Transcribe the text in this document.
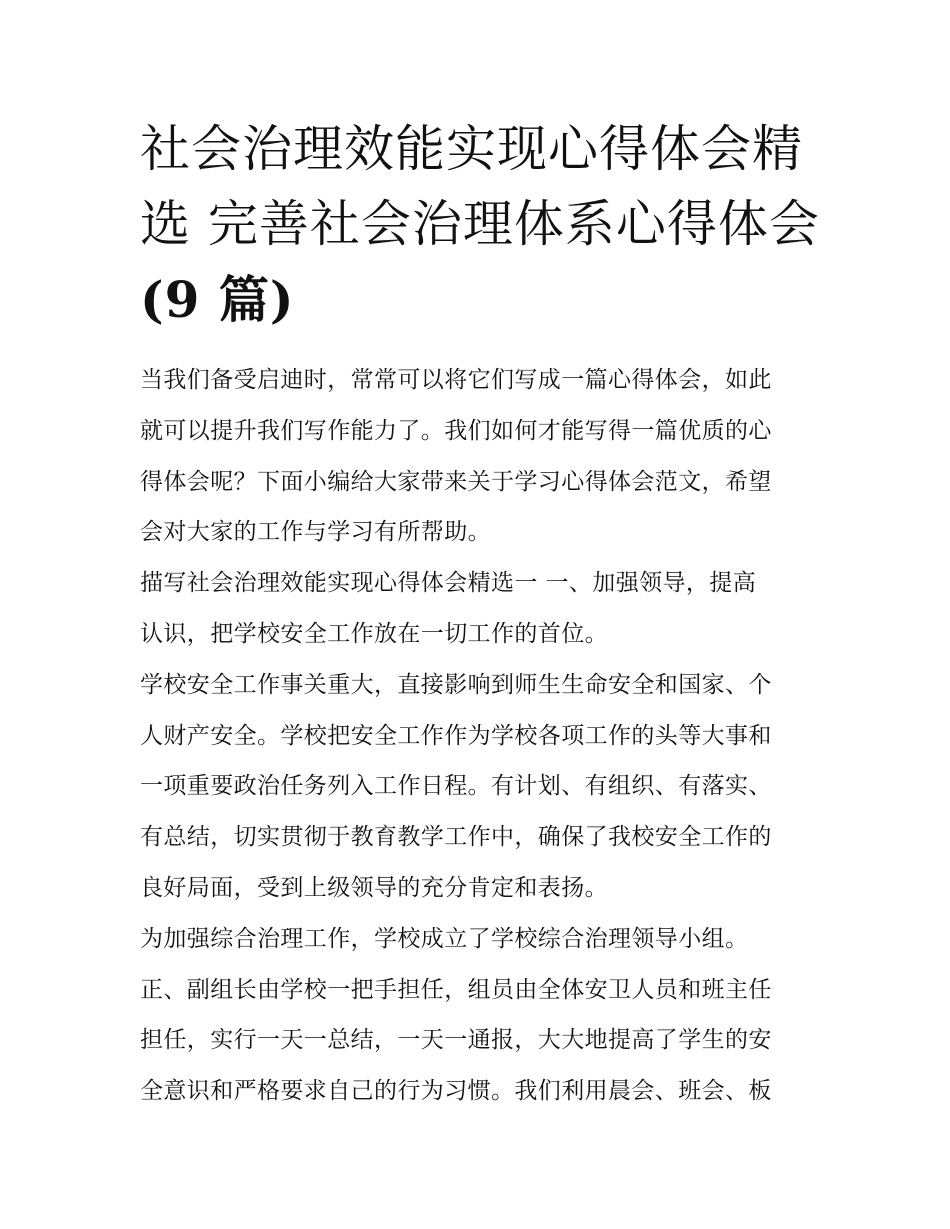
社会治理效能实现心得体会精
选 完善社会治理体系心得体会
(9 篇)
当我们备受启迪时，常常可以将它们写成一篇心得体会，如此
就可以提升我们写作能力了。我们如何才能写得一篇优质的心
得体会呢？下面小编给大家带来关于学习心得体会范文，希望
会对大家的工作与学习有所帮助。
描写社会治理效能实现心得体会精选一 一、加强领导，提高
认识，把学校安全工作放在一切工作的首位。
学校安全工作事关重大，直接影响到师生生命安全和国家、个
人财产安全。学校把安全工作作为学校各项工作的头等大事和
一项重要政治任务列入工作日程。有计划、有组织、有落实、
有总结，切实贯彻于教育教学工作中，确保了我校安全工作的
良好局面，受到上级领导的充分肯定和表扬。
为加强综合治理工作，学校成立了学校综合治理领导小组。
正、副组长由学校一把手担任，组员由全体安卫人员和班主任
担任，实行一天一总结，一天一通报，大大地提高了学生的安
全意识和严格要求自己的行为习惯。我们利用晨会、班会、板
